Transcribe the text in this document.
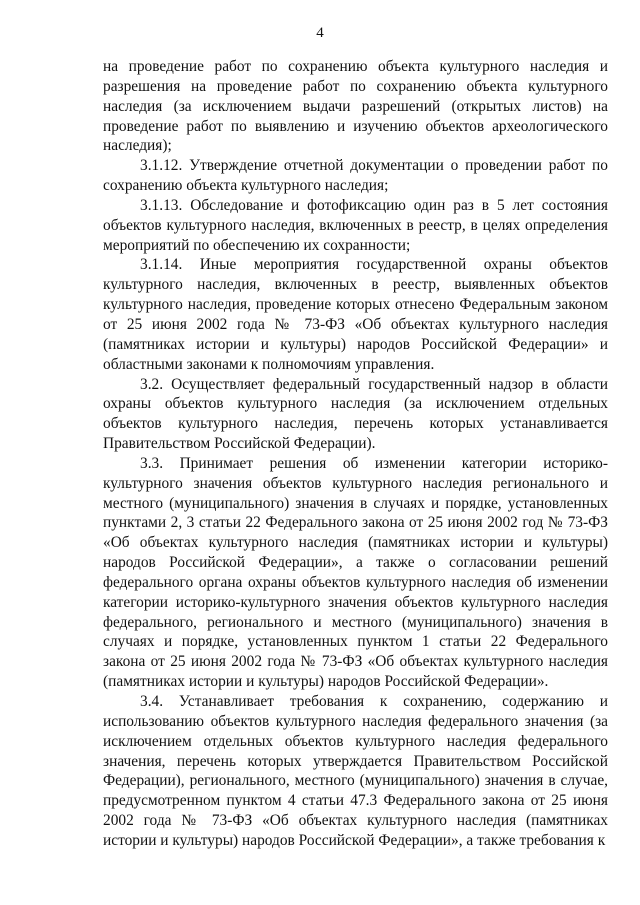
4

на проведение работ по сохранению объекта культурного наследия и разрешения на проведение работ по сохранению объекта культурного наследия (за исключением выдачи разрешений (открытых листов) на проведение работ по выявлению и изучению объектов археологического наследия);

3.1.12. Утверждение отчетной документации о проведении работ по сохранению объекта культурного наследия;

3.1.13. Обследование и фотофиксацию один раз в 5 лет состояния объектов культурного наследия, включенных в реестр, в целях определения мероприятий по обеспечению их сохранности;

3.1.14. Иные мероприятия государственной охраны объектов культурного наследия, включенных в реестр, выявленных объектов культурного наследия, проведение которых отнесено Федеральным законом от 25 июня 2002 года № 73-ФЗ «Об объектах культурного наследия (памятниках истории и культуры) народов Российской Федерации» и областными законами к полномочиям управления.

3.2. Осуществляет федеральный государственный надзор в области охраны объектов культурного наследия (за исключением отдельных объектов культурного наследия, перечень которых устанавливается Правительством Российской Федерации).

3.3. Принимает решения об изменении категории историко-культурного значения объектов культурного наследия регионального и местного (муниципального) значения в случаях и порядке, установленных пунктами 2, 3 статьи 22 Федерального закона от 25 июня 2002 год № 73-ФЗ «Об объектах культурного наследия (памятниках истории и культуры) народов Российской Федерации», а также о согласовании решений федерального органа охраны объектов культурного наследия об изменении категории историко-культурного значения объектов культурного наследия федерального, регионального и местного (муниципального) значения в случаях и порядке, установленных пунктом 1 статьи 22 Федерального закона от 25 июня 2002 года № 73-ФЗ «Об объектах культурного наследия (памятниках истории и культуры) народов Российской Федерации».

3.4. Устанавливает требования к сохранению, содержанию и использованию объектов культурного наследия федерального значения (за исключением отдельных объектов культурного наследия федерального значения, перечень которых утверждается Правительством Российской Федерации), регионального, местного (муниципального) значения в случае, предусмотренном пунктом 4 статьи 47.3 Федерального закона от 25 июня 2002 года № 73-ФЗ «Об объектах культурного наследия (памятниках истории и культуры) народов Российской Федерации», а также требования к
